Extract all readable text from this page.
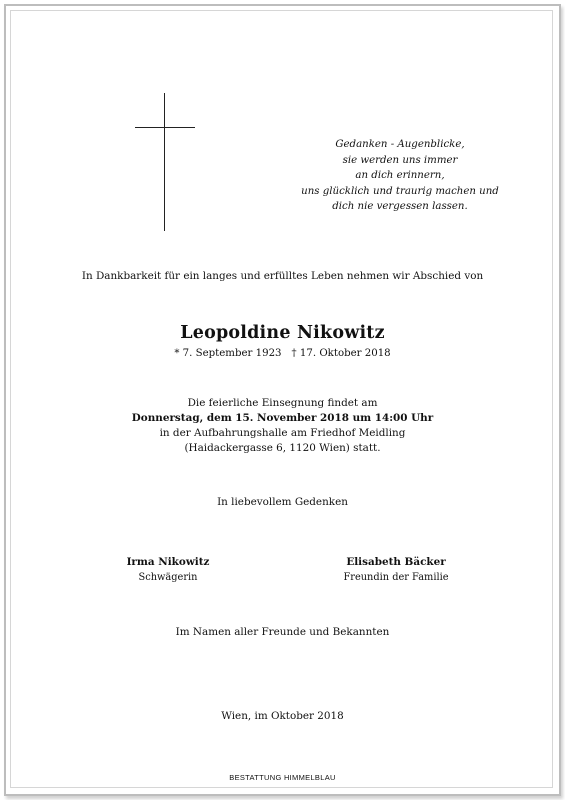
Gedanken - Augenblicke,
sie werden uns immer
an dich erinnern,
uns glücklich und traurig machen und
dich nie vergessen lassen.
In Dankbarkeit für ein langes und erfülltes Leben nehmen wir Abschied von
Leopoldine Nikowitz
* 7. September 1923 † 17. Oktober 2018
Die feierliche Einsegnung findet am
Donnerstag, dem 15. November 2018 um 14:00 Uhr
in der Aufbahrungshalle am Friedhof Meidling
(Haidackergasse 6, 1120 Wien) statt.
In liebevollem Gedenken
Irma Nikowitz
Schwägerin
Elisabeth Bäcker
Freundin der Familie
Im Namen aller Freunde und Bekannten
Wien, im Oktober 2018
BESTATTUNG HIMMELBLAU
